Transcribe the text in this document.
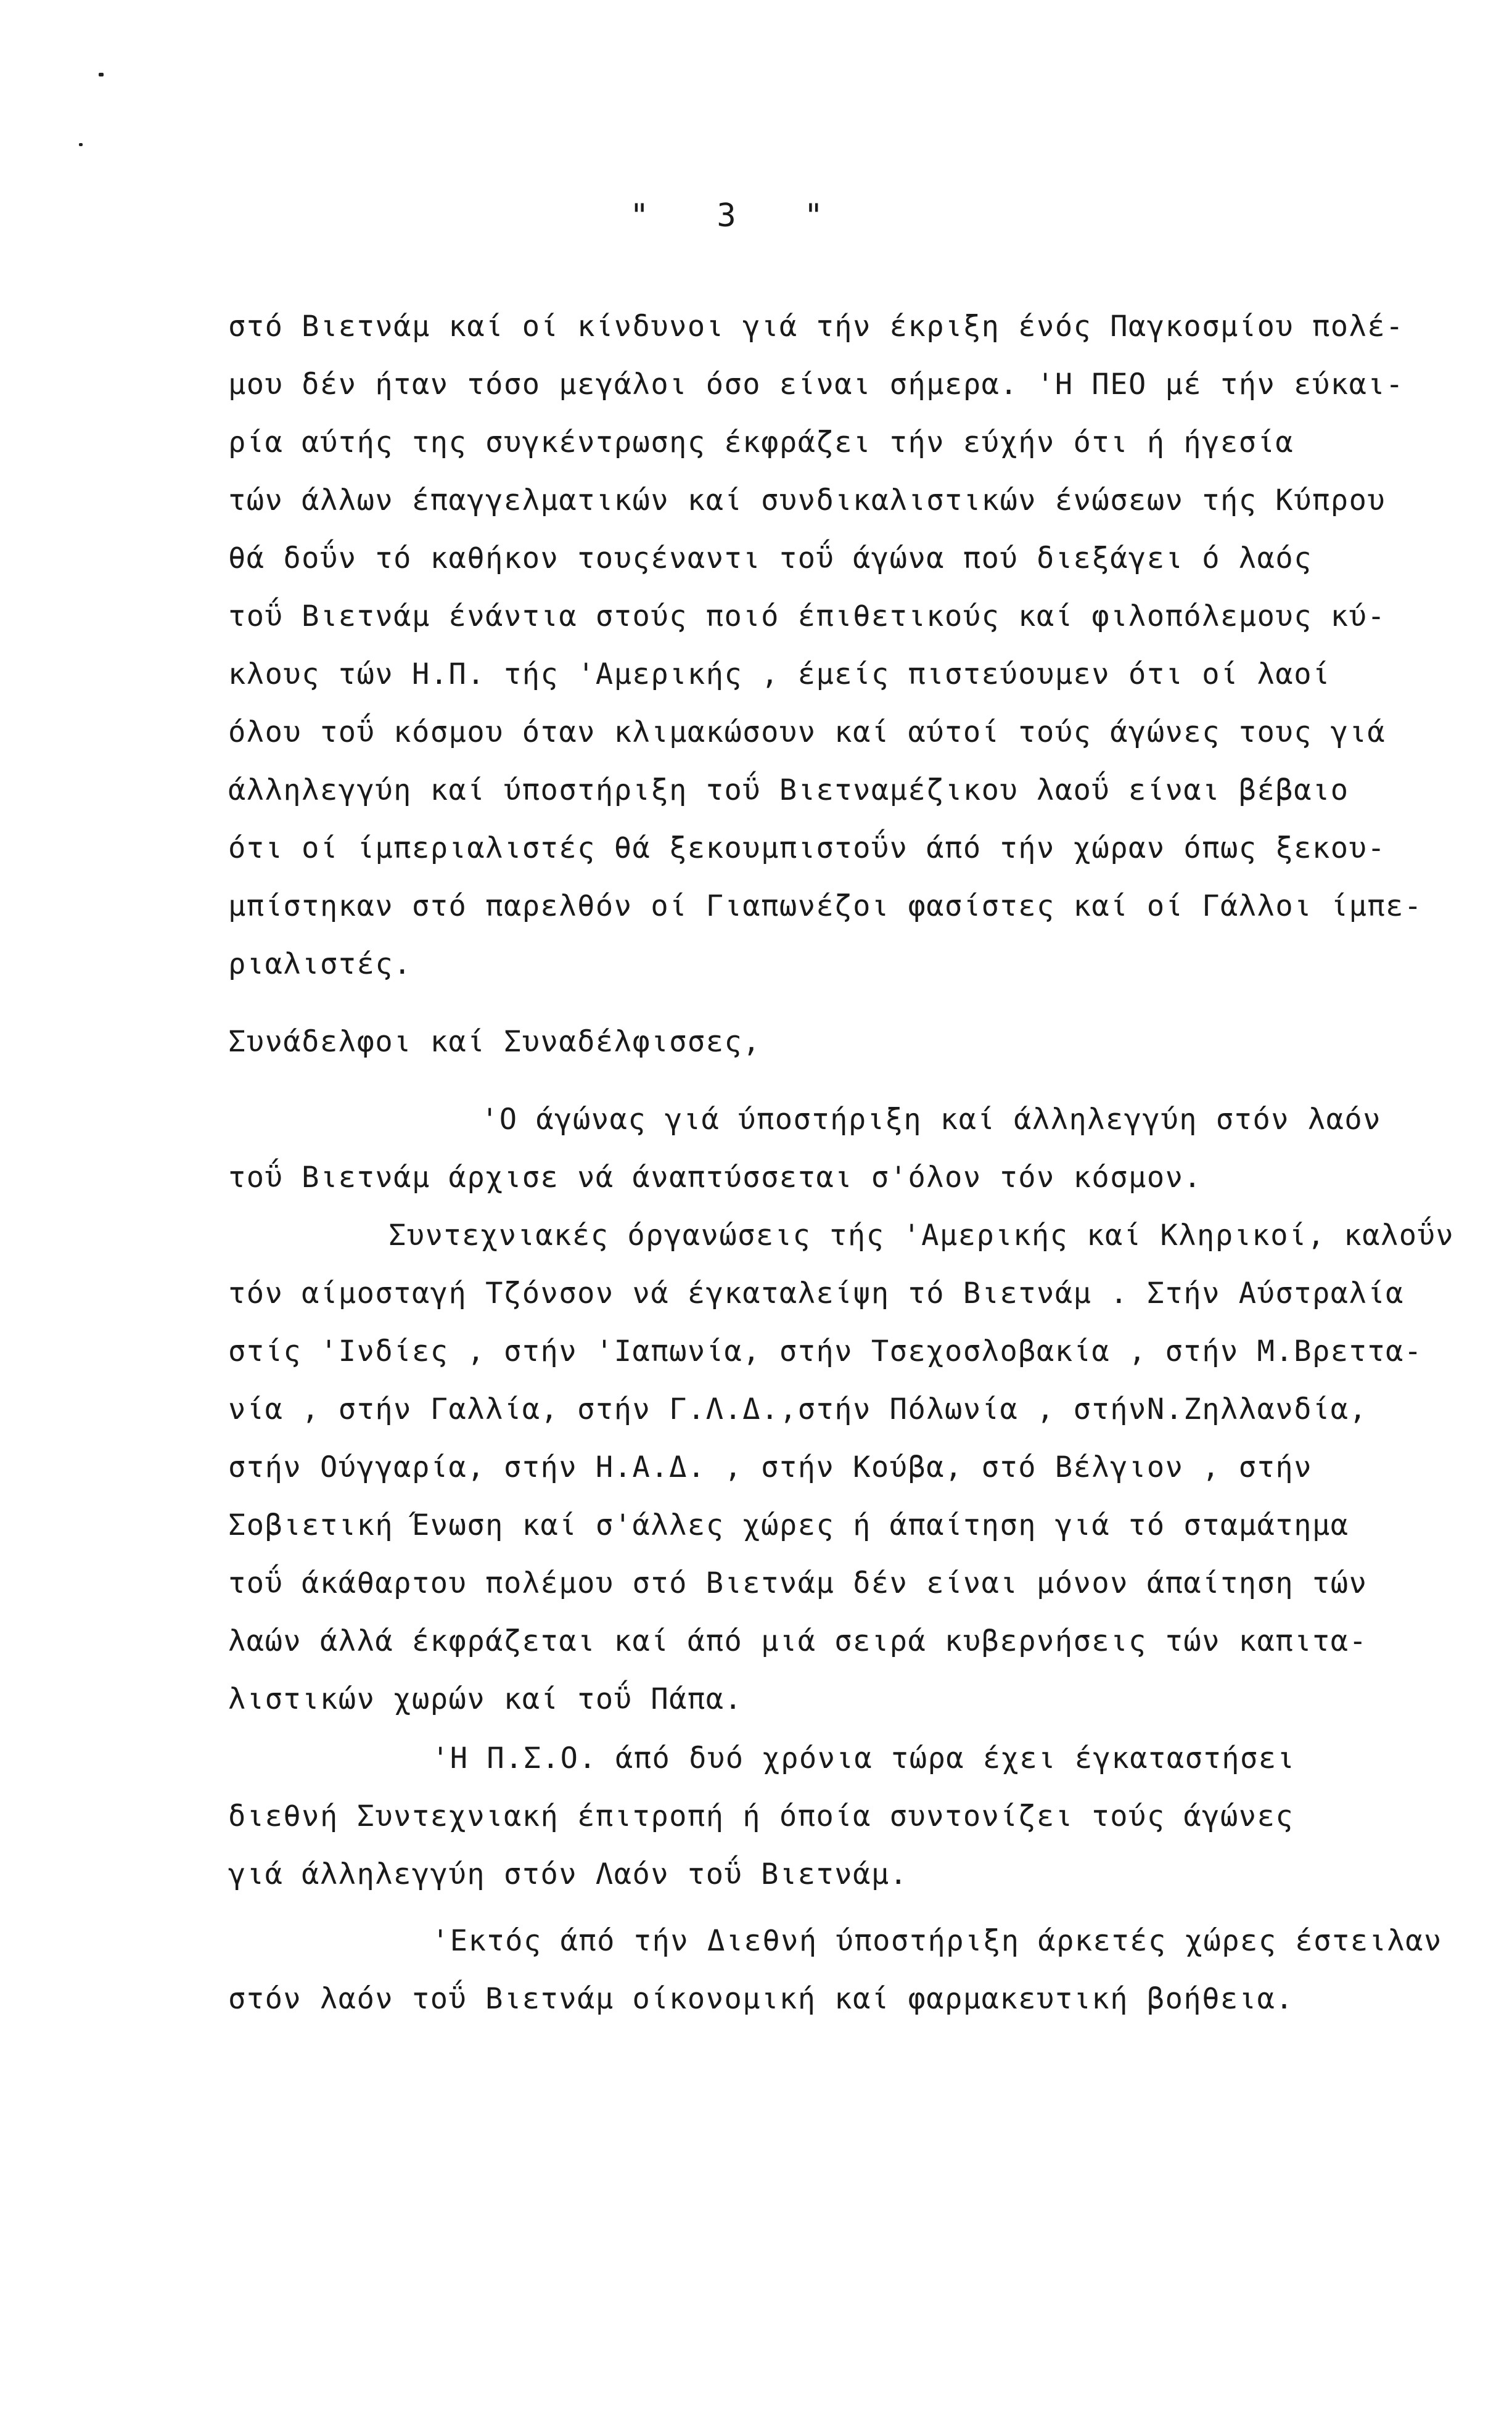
"   3   "
στό Βιετνάμ καί οί κίνδυνοι γιά τήν έκριξη ένός Παγκοσμίου πολέ-
μου δέν ήταν τόσο μεγάλοι όσο είναι σήμερα. 'Η ΠΕΟ μέ τήν εύκαι-
ρία αύτής της συγκέντρωσης έκφράζει τήν εύχήν ότι ή ήγεσία
τών άλλων έπαγγελματικών καί συνδικαλιστικών ένώσεων τής Κύπρου
θά δοΰν τό καθήκον τουςέναντι τοΰ άγώνα πού διεξάγει ό λαός
τοΰ Βιετνάμ ένάντια στούς ποιό έπιθετικούς καί φιλοπόλεμους κύ-
κλους τών Η.Π. τής 'Αμερικής , έμείς πιστεύουμεν ότι οί λαοί
όλου τοΰ κόσμου όταν κλιμακώσουν καί αύτοί τούς άγώνες τους γιά
άλληλεγγύη καί ύποστήριξη τοΰ Βιετναμέζικου λαοΰ είναι βέβαιο
ότι οί ίμπεριαλιστές θά ξεκουμπιστοΰν άπό τήν χώραν όπως ξεκου-
μπίστηκαν στό παρελθόν οί Γιαπωνέζοι φασίστες καί οί Γάλλοι ίμπε-
ριαλιστές.
Συνάδελφοι καί Συναδέλφισσες,
'Ο άγώνας γιά ύποστήριξη καί άλληλεγγύη στόν λαόν
τοΰ Βιετνάμ άρχισε νά άναπτύσσεται σ'όλον τόν κόσμον.
Συντεχνιακές όργανώσεις τής 'Αμερικής καί Κληρικοί, καλοΰν
τόν αίμοσταγή Τζόνσον νά έγκαταλείψη τό Βιετνάμ . Στήν Αύστραλία
στίς 'Ινδίες , στήν 'Ιαπωνία, στήν Τσεχοσλοβακία , στήν Μ.Βρεττα-
νία , στήν Γαλλία, στήν Γ.Λ.Δ.,στήν Πόλωνία , στήνΝ.Ζηλλανδία,
στήν Ούγγαρία, στήν Η.Α.Δ. , στήν Κούβα, στό Βέλγιον , στήν
Σοβιετική Ένωση καί σ'άλλες χώρες ή άπαίτηση γιά τό σταμάτημα
τοΰ άκάθαρτου πολέμου στό Βιετνάμ δέν είναι μόνον άπαίτηση τών
λαών άλλά έκφράζεται καί άπό μιά σειρά κυβερνήσεις τών καπιτα-
λιστικών χωρών καί τοΰ Πάπα.
'Η Π.Σ.Ο. άπό δυό χρόνια τώρα έχει έγκαταστήσει
διεθνή Συντεχνιακή έπιτροπή ή όποία συντονίζει τούς άγώνες
γιά άλληλεγγύη στόν Λαόν τοΰ Βιετνάμ.
'Εκτός άπό τήν Διεθνή ύποστήριξη άρκετές χώρες έστειλαν
στόν λαόν τοΰ Βιετνάμ οίκονομική καί φαρμακευτική βοήθεια.
